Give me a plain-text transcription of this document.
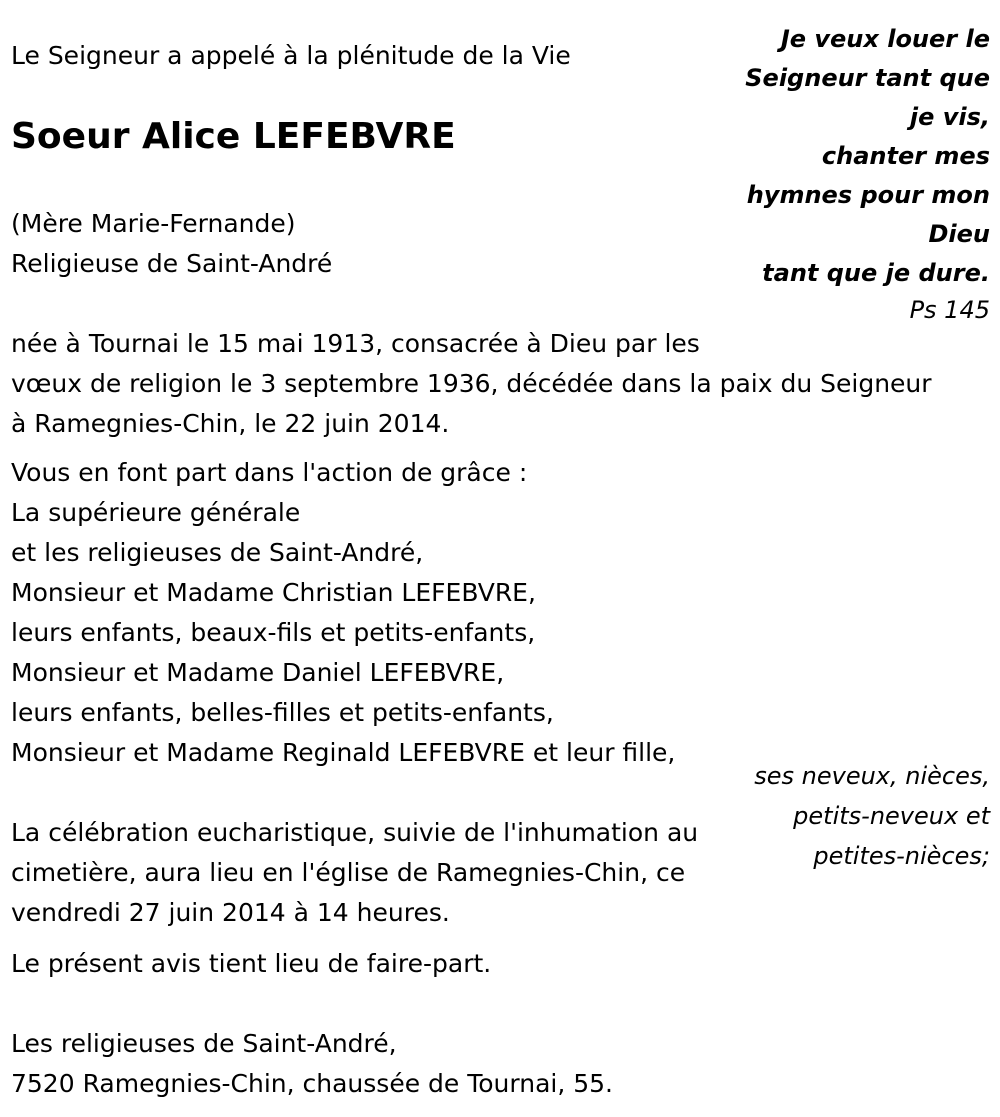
Le Seigneur a appelé à la plénitude de la Vie

Soeur Alice LEFEBVRE

(Mère Marie-Fernande)

Religieuse de Saint-André

Je veux louer le

Seigneur tant que

je vis,

chanter mes

hymnes pour mon

Dieu

tant que je dure.

Ps 145

née à Tournai le 15 mai 1913, consacrée à Dieu par les

vœux de religion le 3 septembre 1936, décédée dans la paix du Seigneur

à Ramegnies-Chin, le 22 juin 2014.

Vous en font part dans l'action de grâce :

La supérieure générale

et les religieuses de Saint-André,

Monsieur et Madame Christian LEFEBVRE,

leurs enfants, beaux-fils et petits-enfants,

Monsieur et Madame Daniel LEFEBVRE,

leurs enfants, belles-filles et petits-enfants,

Monsieur et Madame Reginald LEFEBVRE et leur fille,

ses neveux, nièces,
petits-neveux et
petites-nièces;

La célébration eucharistique, suivie de l'inhumation au

cimetière, aura lieu en l'église de Ramegnies-Chin, ce

vendredi 27 juin 2014 à 14 heures.

Le présent avis tient lieu de faire-part.

Les religieuses de Saint-André,

7520 Ramegnies-Chin, chaussée de Tournai, 55.
